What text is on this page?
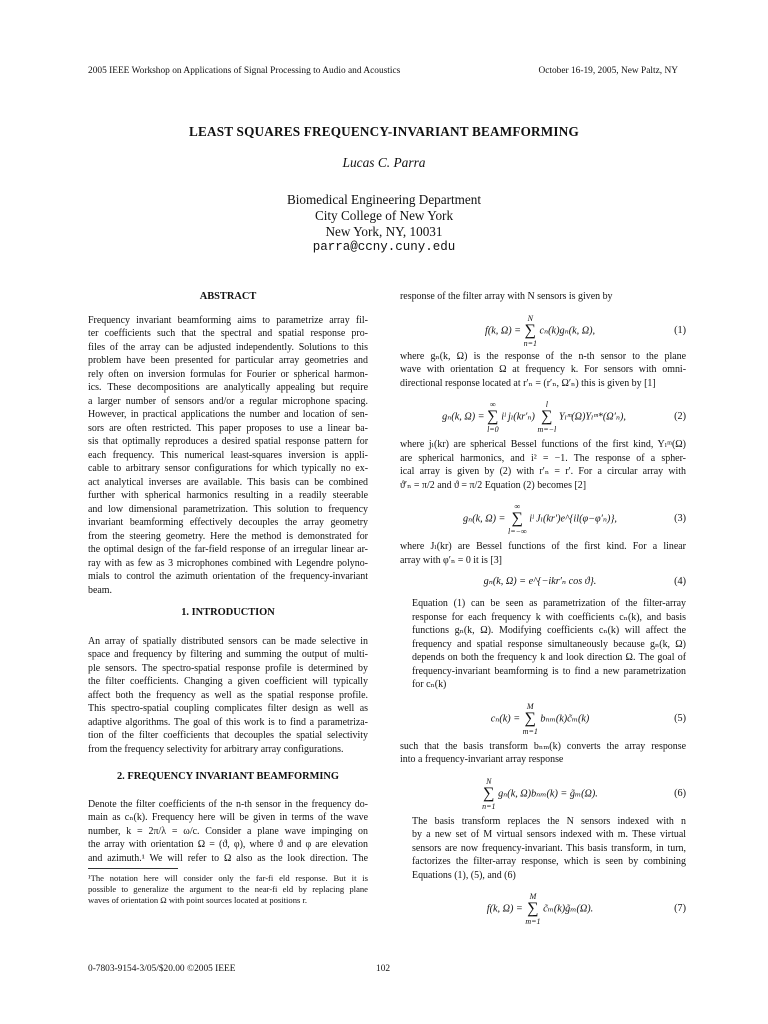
2005 IEEE Workshop on Applications of Signal Processing to Audio and Acoustics	October 16-19, 2005, New Paltz, NY
LEAST SQUARES FREQUENCY-INVARIANT BEAMFORMING
Lucas C. Parra
Biomedical Engineering Department
City College of New York
New York, NY, 10031
parra@ccny.cuny.edu
ABSTRACT
Frequency invariant beamforming aims to parametrize array fil-
ter coefficients such that the spectral and spatial response pro-
files of the array can be adjusted independently. Solutions to this
problem have been presented for particular array geometries and
rely often on inversion formulas for Fourier or spherical harmon-
ics. These decompositions are analytically appealing but require
a larger number of sensors and/or a regular microphone spacing.
However, in practical applications the number and location of sen-
sors are often restricted. This paper proposes to use a linear ba-
sis that optimally reproduces a desired spatial response pattern for
each frequency. This numerical least-squares inversion is appli-
cable to arbitrary sensor configurations for which typically no ex-
act analytical inverses are available. This basis can be combined
further with spherical harmonics resulting in a readily steerable
and low dimensional parametrization. This solution to frequency
invariant beamforming effectively decouples the array geometry
from the steering geometry. Here the method is demonstrated for
the optimal design of the far-field response of an irregular linear ar-
ray with as few as 3 microphones combined with Legendre polyno-
mials to control the azimuth orientation of the frequency-invariant
beam.
1. INTRODUCTION
An array of spatially distributed sensors can be made selective in
space and frequency by filtering and summing the output of multi-
ple sensors. The spectro-spatial response profile is determined by
the filter coefficients. Changing a given coefficient will typically
affect both the frequency as well as the spatial response profile.
This spectro-spatial coupling complicates filter design as well as
adaptive algorithms. The goal of this work is to find a parametriza-
tion of the filter coefficients that decouples the spatial selectivity
from the frequency selectivity for arbitrary array configurations.
2. FREQUENCY INVARIANT BEAMFORMING
Denote the filter coefficients of the n-th sensor in the frequency do-
main as cₙ(k). Frequency here will be given in terms of the wave
number, k = 2π/λ = ω/c. Consider a plane wave impinging on
the array with orientation Ω = (ϑ, φ), where ϑ and φ are elevation
and azimuth.¹ We will refer to Ω also as the look direction. The
¹The notation here will consider only the far-fi eld response. But it is
possible to generalize the argument to the near-fi eld by replacing plane
waves of orientation Ω with point sources located at positions r.

response of the filter array with N sensors is given by

f(k, Ω) = N
∑
n=1 cₙ(k)gₙ(k, Ω),	(1)
where gₙ(k, Ω) is the response of the n-th sensor to the plane
wave with orientation Ω at frequency k. For sensors with omni-
directional response located at r′ₙ = (r′ₙ, Ω′ₙ) this is given by [1]
gₙ(k, Ω) = ∞
∑
l=0 iˡ jₗ(kr′ₙ) l
∑
m=−l Yₗᵐ(Ω)Yₗᵐ*(Ω′ₙ),	(2)
where jₗ(kr) are spherical Bessel functions of the first kind, Yₗᵐ(Ω)
are spherical harmonics, and i² = −1. The response of a spher-
ical array is given by (2) with r′ₙ = r′. For a circular array with
ϑ′ₙ = π/2 and ϑ = π/2 Equation (2) becomes [2]
gₙ(k, Ω) = ∞
∑
l=−∞ iˡ Jₗ(kr′)e^{il(φ−φ′ₙ)},	(3)
where Jₗ(kr) are Bessel functions of the first kind. For a linear
array with φ′ₙ = 0 it is [3]
gₙ(k, Ω) = e^{−ikr′ₙ cos ϑ}.	(4)
Equation (1) can be seen as parametrization of the filter-array
response for each frequency k with coefficients cₙ(k), and basis
functions gₙ(k, Ω). Modifying coefficients cₙ(k) will affect the
frequency and spatial response simultaneously because gₙ(k, Ω)
depends on both the frequency k and look direction Ω. The goal of
frequency-invariant beamforming is to find a new parametrization
for cₙ(k)
cₙ(k) = M
∑
m=1 bₙₘ(k)c̃ₘ(k)	(5)
such that the basis transform bₙₘ(k) converts the array response
into a frequency-invariant array response
N
∑
n=1 gₙ(k, Ω)bₙₘ(k) = g̃ₘ(Ω).	(6)
The basis transform replaces the N sensors indexed with n
by a new set of M virtual sensors indexed with m. These virtual
sensors are now frequency-invariant. This basis transform, in turn,
factorizes the filter-array response, which is seen by combining
Equations (1), (5), and (6)
f(k, Ω) = M
∑
m=1 c̃ₘ(k)g̃ₘ(Ω).	(7)
0-7803-9154-3/05/$20.00 ©2005 IEEE	102
